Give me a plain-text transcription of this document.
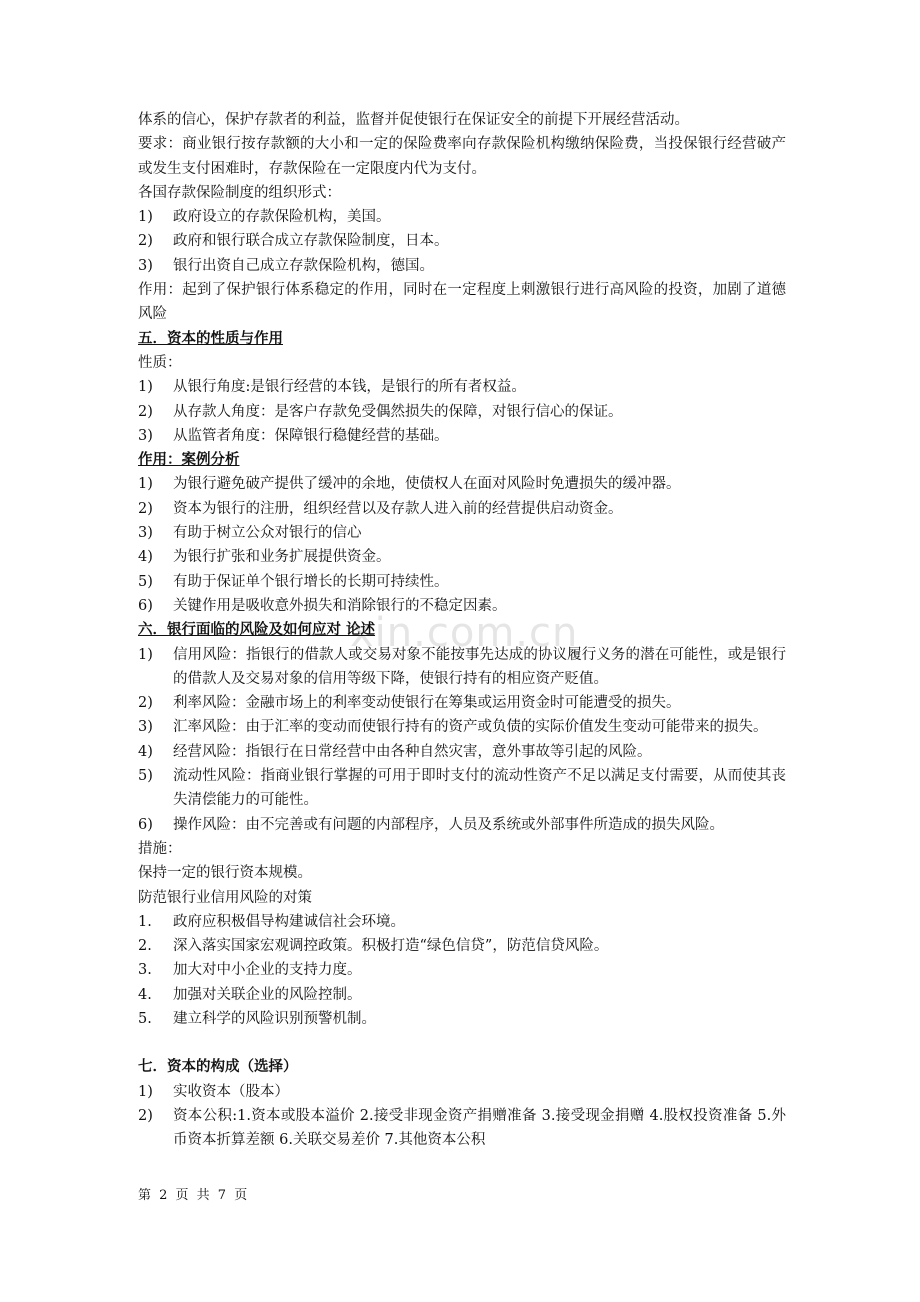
xin.com.cn
体系的信心，保护存款者的利益，监督并促使银行在保证安全的前提下开展经营活动。
要求：商业银行按存款额的大小和一定的保险费率向存款保险机构缴纳保险费，当投保银行经营破产或发生支付困难时，存款保险在一定限度内代为支付。
各国存款保险制度的组织形式：
1)	政府设立的存款保险机构，美国。
2)	政府和银行联合成立存款保险制度，日本。
3)	银行出资自己成立存款保险机构，德国。
作用：起到了保护银行体系稳定的作用，同时在一定程度上刺激银行进行高风险的投资，加剧了道德风险
五．资本的性质与作用
性质：
1)	从银行角度:是银行经营的本钱，是银行的所有者权益。
2)	从存款人角度：是客户存款免受偶然损失的保障，对银行信心的保证。
3)	从监管者角度：保障银行稳健经营的基础。
作用：案例分析
1)	为银行避免破产提供了缓冲的余地，使债权人在面对风险时免遭损失的缓冲器。
2)	资本为银行的注册，组织经营以及存款人进入前的经营提供启动资金。
3)	有助于树立公众对银行的信心
4)	为银行扩张和业务扩展提供资金。
5)	有助于保证单个银行增长的长期可持续性。
6)	关键作用是吸收意外损失和消除银行的不稳定因素。
六．银行面临的风险及如何应对 论述
1)	信用风险：指银行的借款人或交易对象不能按事先达成的协议履行义务的潜在可能性，或是银行的借款人及交易对象的信用等级下降，使银行持有的相应资产贬值。
2)	利率风险：金融市场上的利率变动使银行在筹集或运用资金时可能遭受的损失。
3)	汇率风险：由于汇率的变动而使银行持有的资产或负债的实际价值发生变动可能带来的损失。
4)	经营风险：指银行在日常经营中由各种自然灾害，意外事故等引起的风险。
5)	流动性风险：指商业银行掌握的可用于即时支付的流动性资产不足以满足支付需要，从而使其丧失清偿能力的可能性。
6)	操作风险：由不完善或有问题的内部程序，人员及系统或外部事件所造成的损失风险。
措施：
保持一定的银行资本规模。
防范银行业信用风险的对策
1.	政府应积极倡导构建诚信社会环境。
2.	深入落实国家宏观调控政策。积极打造“绿色信贷”，防范信贷风险。
3.	加大对中小企业的支持力度。
4.	加强对关联企业的风险控制。
5.	建立科学的风险识别预警机制。
七．资本的构成（选择）
1)	实收资本（股本）
2)	资本公积:1.资本或股本溢价 2.接受非现金资产捐赠准备 3.接受现金捐赠 4.股权投资准备 5.外币资本折算差额 6.关联交易差价 7.其他资本公积
第 2 页 共 7 页
